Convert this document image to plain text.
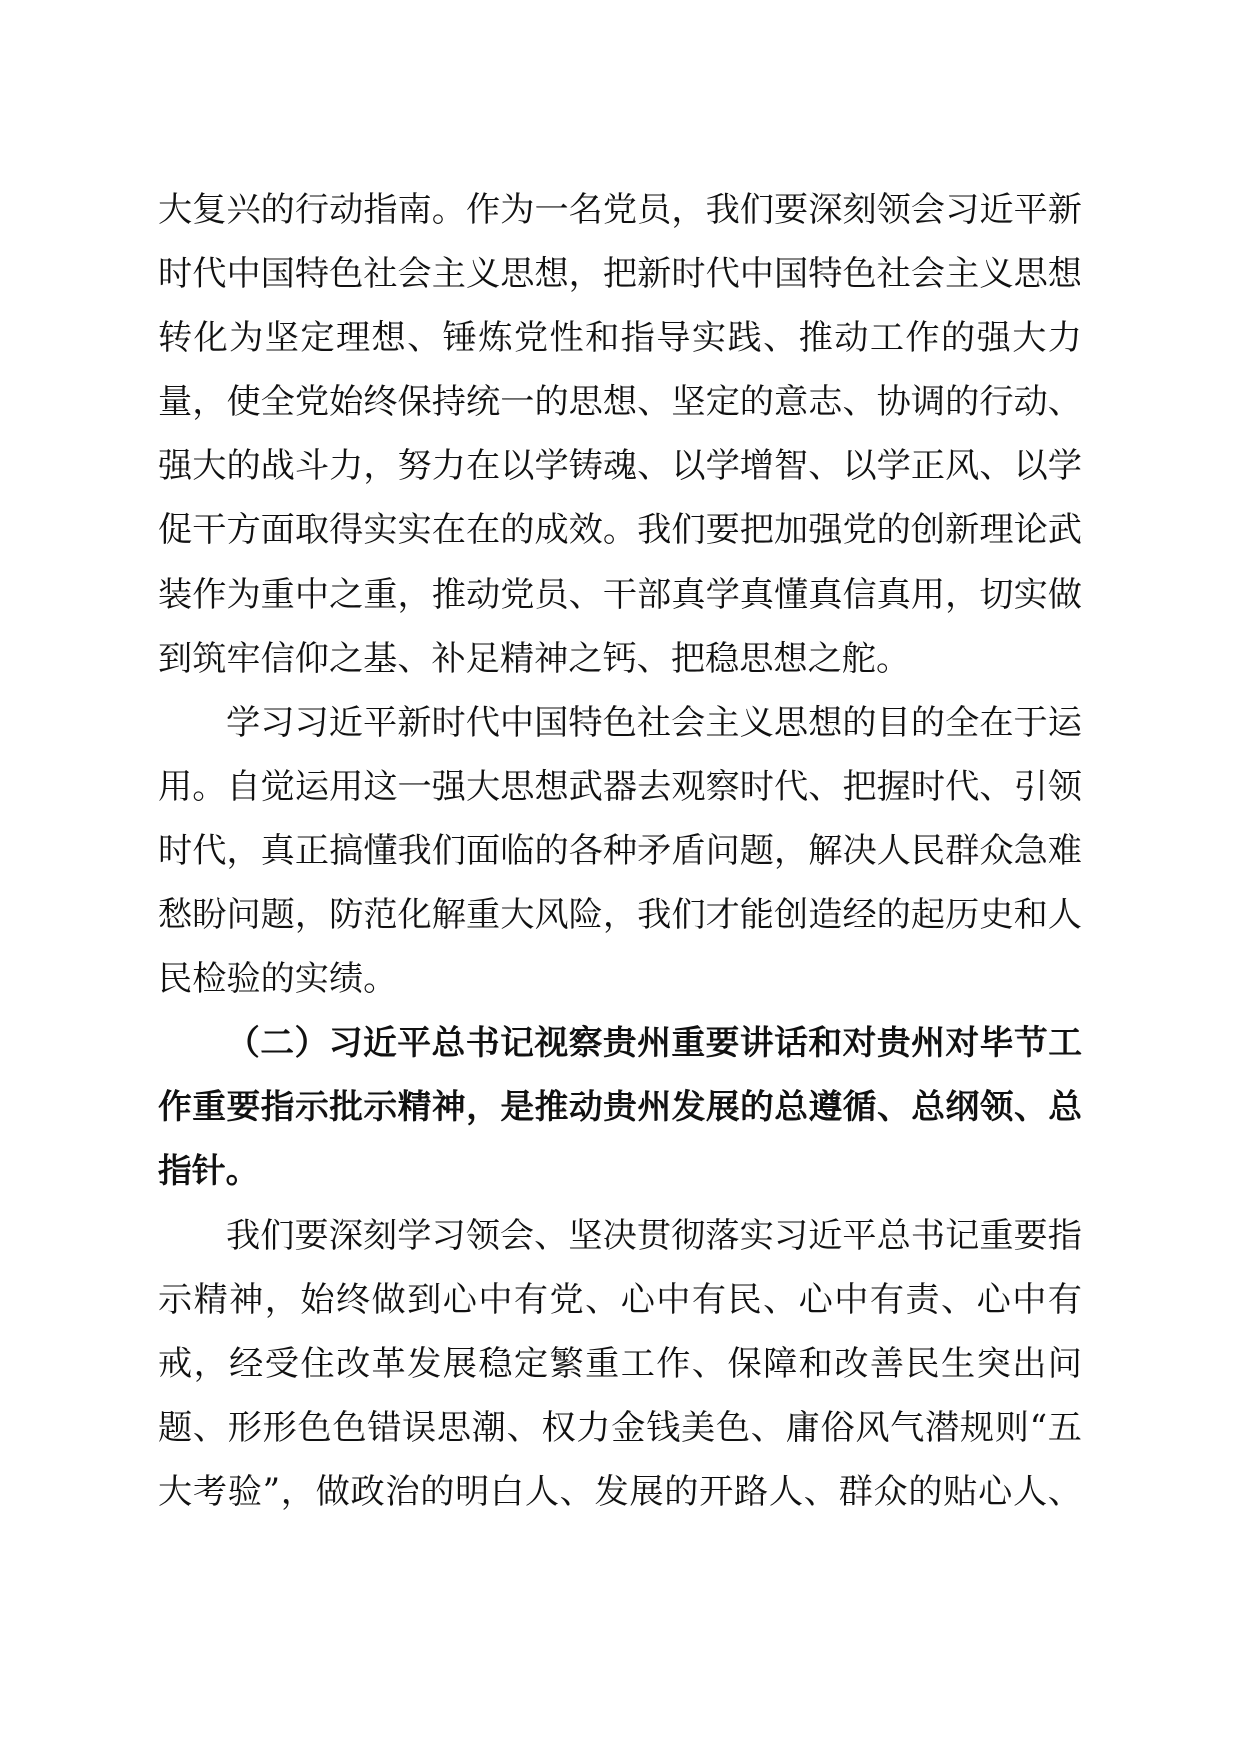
大复兴的行动指南。作为一名党员，我们要深刻领会习近平新
时代中国特色社会主义思想，把新时代中国特色社会主义思想
转化为坚定理想、锤炼党性和指导实践、推动工作的强大力
量，使全党始终保持统一的思想、坚定的意志、协调的行动、
强大的战斗力，努力在以学铸魂、以学增智、以学正风、以学
促干方面取得实实在在的成效。我们要把加强党的创新理论武
装作为重中之重，推动党员、干部真学真懂真信真用，切实做
到筑牢信仰之基、补足精神之钙、把稳思想之舵。
学习习近平新时代中国特色社会主义思想的目的全在于运
用。自觉运用这一强大思想武器去观察时代、把握时代、引领
时代，真正搞懂我们面临的各种矛盾问题，解决人民群众急难
愁盼问题，防范化解重大风险，我们才能创造经的起历史和人
民检验的实绩。
（二）习近平总书记视察贵州重要讲话和对贵州对毕节工
作重要指示批示精神，是推动贵州发展的总遵循、总纲领、总
指针。
我们要深刻学习领会、坚决贯彻落实习近平总书记重要指
示精神，始终做到心中有党、心中有民、心中有责、心中有
戒，经受住改革发展稳定繁重工作、保障和改善民生突出问
题、形形色色错误思潮、权力金钱美色、庸俗风气潜规则“五
大考验”，做政治的明白人、发展的开路人、群众的贴心人、
